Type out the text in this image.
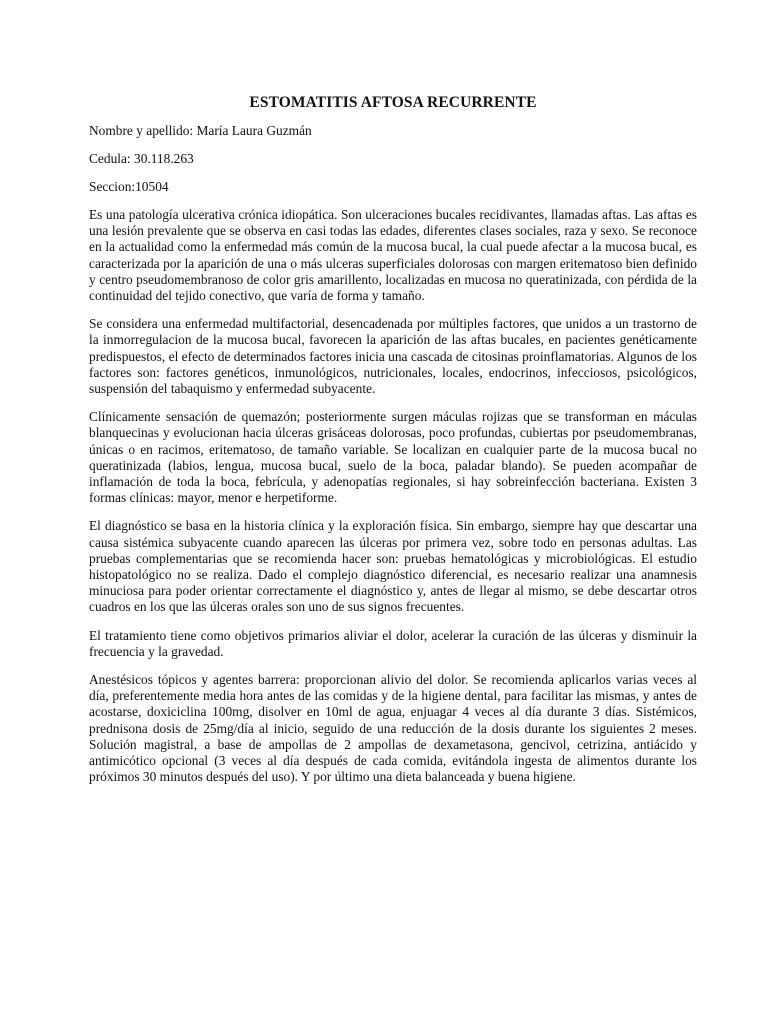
ESTOMATITIS AFTOSA RECURRENTE

Nombre y apellido: María Laura Guzmán

Cedula: 30.118.263

Seccion:10504

Es una patología ulcerativa crónica idiopática. Son ulceraciones bucales recidivantes, llamadas aftas. Las aftas es una lesión prevalente que se observa en casi todas las edades, diferentes clases sociales, raza y sexo. Se reconoce en la actualidad como la enfermedad más común de la mucosa bucal, la cual puede afectar a la mucosa bucal, es caracterizada por la aparición de una o más ulceras superficiales dolorosas con margen eritematoso bien definido y centro pseudomembranoso de color gris amarillento, localizadas en mucosa no queratinizada, con pérdida de la continuidad del tejido conectivo, que varía de forma y tamaño.

Se considera una enfermedad multifactorial, desencadenada por múltiples factores, que unidos a un trastorno de la inmorregulacion de la mucosa bucal, favorecen la aparición de las aftas bucales, en pacientes genéticamente predispuestos, el efecto de determinados factores inicia una cascada de citosinas proinflamatorias. Algunos de los factores son: factores genéticos, inmunológicos, nutricionales, locales, endocrinos, infecciosos, psicológicos, suspensión del tabaquismo y enfermedad subyacente.

Clínicamente sensación de quemazón; posteriormente surgen máculas rojizas que se transforman en máculas blanquecinas y evolucionan hacia úlceras grisáceas dolorosas, poco profundas, cubiertas por pseudomembranas, únicas o en racimos, eritematoso, de tamaño variable. Se localizan en cualquier parte de la mucosa bucal no queratinizada (labios, lengua, mucosa bucal, suelo de la boca, paladar blando). Se pueden acompañar de inflamación de toda la boca, febrícula, y adenopatías regionales, si hay sobreinfección bacteriana. Existen 3 formas clínicas: mayor, menor e herpetiforme.

El diagnóstico se basa en la historia clínica y la exploración física. Sin embargo, siempre hay que descartar una causa sistémica subyacente cuando aparecen las úlceras por primera vez, sobre todo en personas adultas. Las pruebas complementarias que se recomienda hacer son: pruebas hematológicas y microbiológicas. El estudio histopatológico no se realiza. Dado el complejo diagnóstico diferencial, es necesario realizar una anamnesis minuciosa para poder orientar correctamente el diagnóstico y, antes de llegar al mismo, se debe descartar otros cuadros en los que las úlceras orales son uno de sus signos frecuentes.

El tratamiento tiene como objetivos primarios aliviar el dolor, acelerar la curación de las úlceras y disminuir la frecuencia y la gravedad.

Anestésicos tópicos y agentes barrera: proporcionan alivio del dolor. Se recomienda aplicarlos varias veces al día, preferentemente media hora antes de las comidas y de la higiene dental, para facilitar las mismas, y antes de acostarse, doxiciclina 100mg, disolver en 10ml de agua, enjuagar 4 veces al día durante 3 días. Sistémicos, prednisona dosis de 25mg/día al inicio, seguido de una reducción de la dosis durante los siguientes 2 meses. Solución magistral, a base de ampollas de 2 ampollas de dexametasona, gencivol, cetrizina, antiácido y antimicótico opcional (3 veces al día después de cada comida, evitándola ingesta de alimentos durante los próximos 30 minutos después del uso). Y por último una dieta balanceada y buena higiene.
